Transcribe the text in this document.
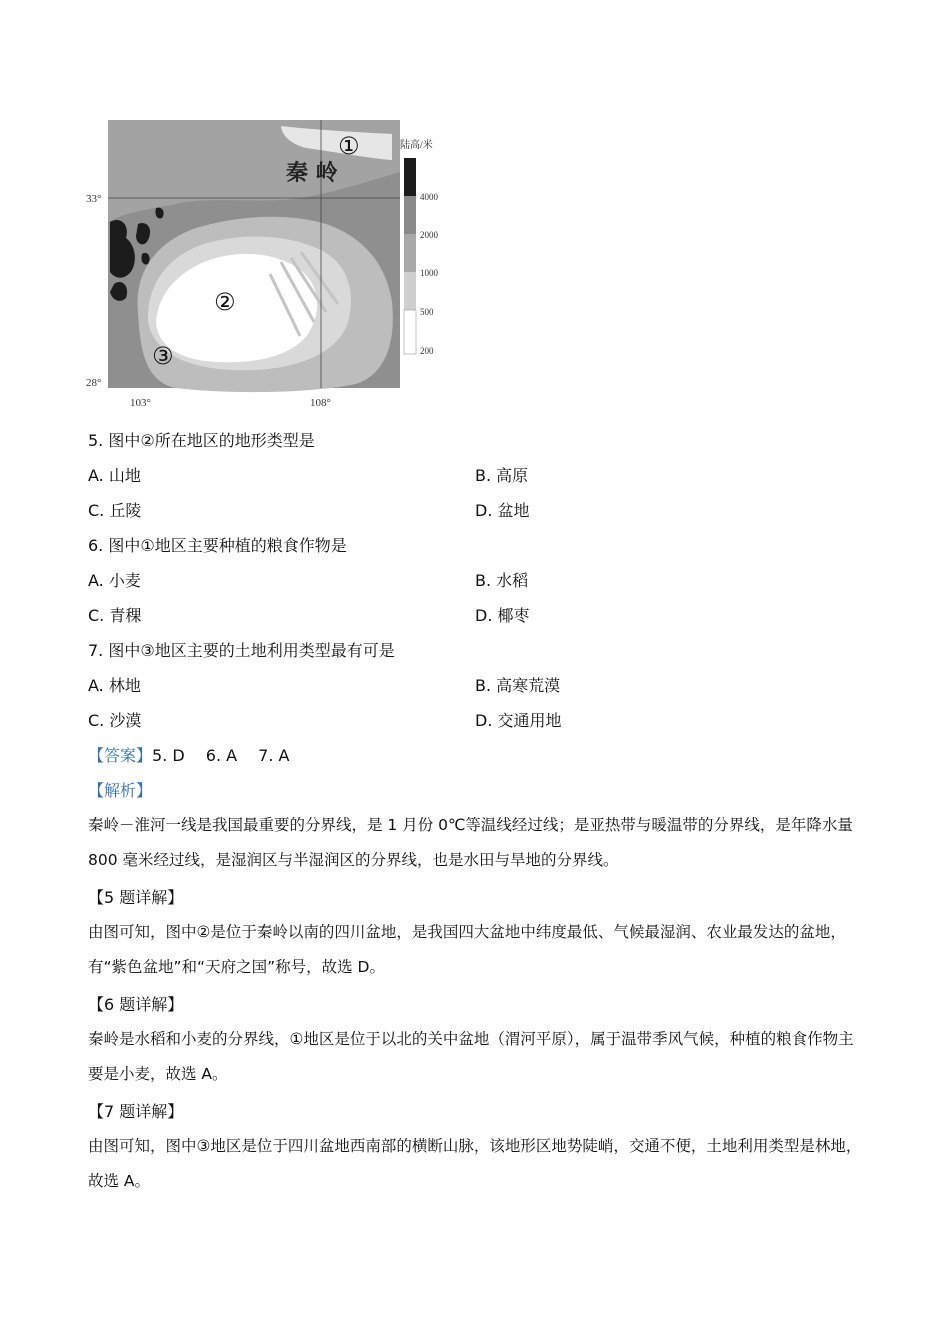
陆高/米
4000
2000
1000
500
200
①
秦 岭
②
③
33°
28°
103°	108°
5. 图中②所在地区的地形类型是
A. 山地	B. 高原
C. 丘陵	D. 盆地
6. 图中①地区主要种植的粮食作物是
A. 小麦	B. 水稻
C. 青稞	D. 椰枣
7. 图中③地区主要的土地利用类型最有可是
A. 林地	B. 高寒荒漠
C. 沙漠	D. 交通用地
【答案】5. D　 6. A　 7. A
【解析】
秦岭－淮河一线是我国最重要的分界线，是 1 月份 0℃等温线经过线；是亚热带与暖温带的分界线，是年降水量 800 毫米经过线，是湿润区与半湿润区的分界线，也是水田与旱地的分界线。
【5 题详解】
由图可知，图中②是位于秦岭以南的四川盆地，是我国四大盆地中纬度最低、气候最湿润、农业最发达的盆地，有“紫色盆地”和“天府之国”称号，故选 D。
【6 题详解】
秦岭是水稻和小麦的分界线，①地区是位于以北的关中盆地（渭河平原），属于温带季风气候，种植的粮食作物主要是小麦，故选 A。
【7 题详解】
由图可知，图中③地区是位于四川盆地西南部的横断山脉，该地形区地势陡峭，交通不便，土地利用类型是林地，故选 A。
